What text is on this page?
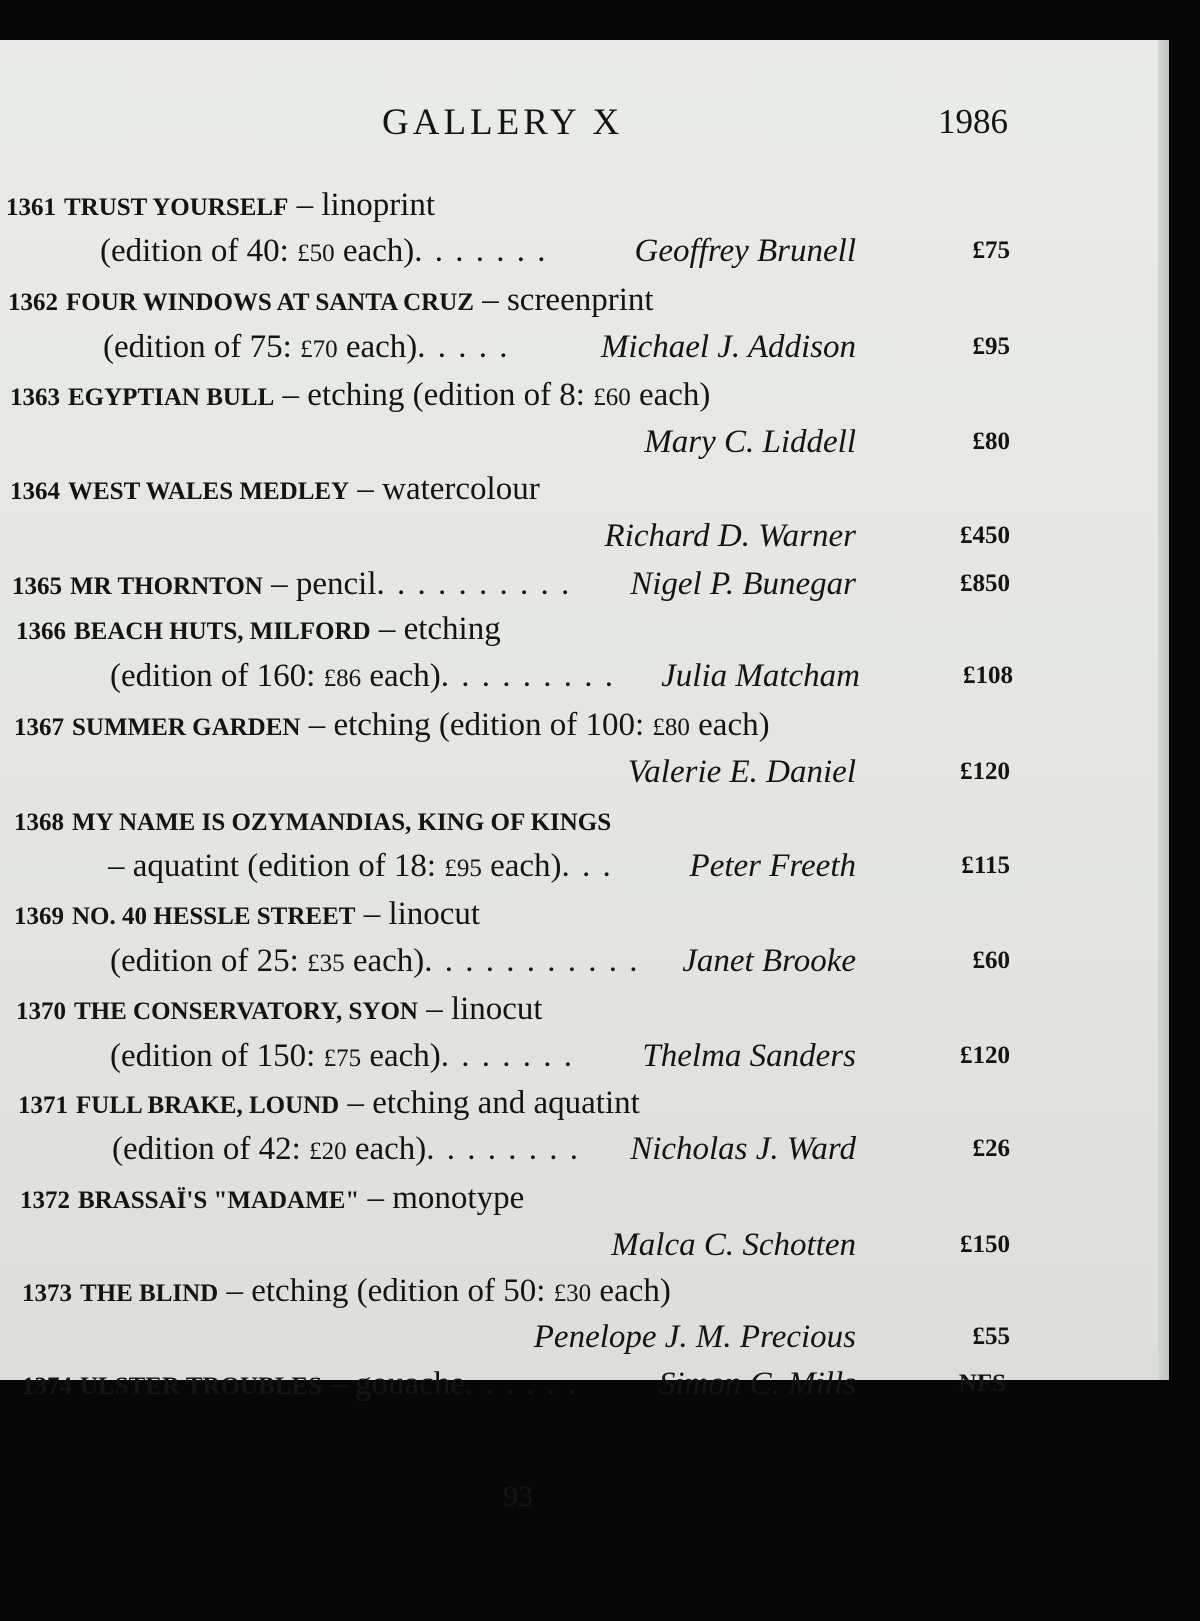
GALLERY X	1986
1361 TRUST YOURSELF – linoprint
(edition of 40: £50 each). . . . . . .	Geoffrey Brunell	£75
1362 FOUR WINDOWS AT SANTA CRUZ – screenprint
(edition of 75: £70 each). . . . .	Michael J. Addison	£95
1363 EGYPTIAN BULL – etching (edition of 8: £60 each)
Mary C. Liddell	£80
1364 WEST WALES MEDLEY – watercolour
Richard D. Warner	£450
1365 MR THORNTON – pencil. . . . . . . . . . Nigel P. Bunegar	£850
1366 BEACH HUTS, MILFORD – etching
(edition of 160: £86 each). . . . . . . . . Julia Matcham	£108
1367 SUMMER GARDEN – etching (edition of 100: £80 each)
Valerie E. Daniel	£120
1368 MY NAME IS OZYMANDIAS, KING OF KINGS
– aquatint (edition of 18: £95 each). . . Peter Freeth	£115
1369 NO. 40 HESSLE STREET – linocut
(edition of 25: £35 each). . . . . . . . . . . Janet Brooke	£60
1370 THE CONSERVATORY, SYON – linocut
(edition of 150: £75 each). . . . . . . Thelma Sanders	£120
1371 FULL BRAKE, LOUND – etching and aquatint
(edition of 42: £20 each). . . . . . . . Nicholas J. Ward	£26
1372 BRASSAÏ'S "MADAME" – monotype
Malca C. Schotten	£150
1373 THE BLIND – etching (edition of 50: £30 each)
Penelope J. M. Precious	£55
1374 ULSTER TROUBLES – gouache. . . . . . Simon C. Mills	NFS
93
